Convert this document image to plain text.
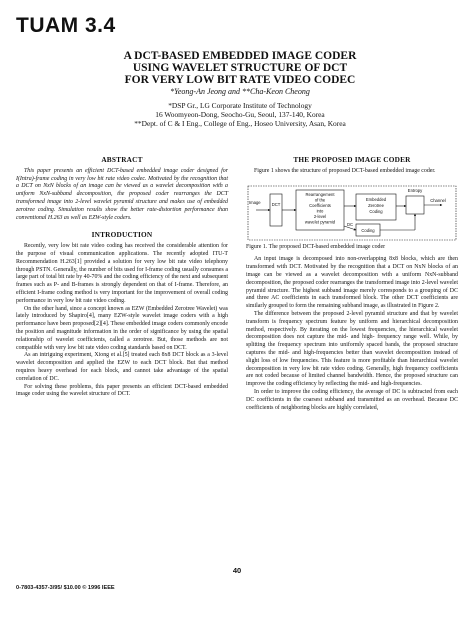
TUAM 3.4
A DCT-BASED EMBEDDED IMAGE CODER
USING WAVELET STRUCTURE OF DCT
FOR VERY LOW BIT RATE VIDEO CODEC
*Yeong-An Jeong and **Cha-Keon Cheong
*DSP Gr., LG Corporate Institute of Technology
16 Woomyeon-Dong, Seocho-Gu, Seoul, 137-140, Korea
**Dept. of C & I Eng., College of Eng., Hoseo University, Asan, Korea
ABSTRACT

This paper presents an efficient DCT-based embedded image coder designed for I(Intra)-frame coding in very low bit rate video codec. Motivated by the recognition that a DCT on NxN blocks of an image can be viewed as a wavelet decomposition with a uniform NxN-subband decomposition, the proposed coder rearranges the DCT transformed image into 2-level wavelet pyramid structure and makes use of embedded zerotree coding. Simulation results show the better rate-distortion performance than conventional H.263 as well as EZW-style coders.

INTRODUCTION

Recently, very low bit rate video coding has received the considerable attention for the purpose of visual communication applications. The recently adopted ITU-T Recommendation H.263[1] provided a solution for very low bit rate video telephony through PSTN. Generally, the number of bits used for I-frame coding usually consumes a large part of total bit rate by 40-70% and the coding efficiency of the next and subsequent frames such as P- and B-frames is strongly dependent on that of I-frame. Therefore, an efficient I-frame coding method is very important for the improvement of overall coding performance in very low bit rate video coding.

On the other hand, since a concept known as EZW (Embedded Zerotree Wavelet) was lately introduced by Shapiro[4], many EZW-style wavelet image coders with a high performance have been proposed[2][4]. These embedded image coders commonly encode the position and magnitude information in the order of significance by using the spatial relationship of wavelet coefficients, called a zerotree. But, those methods are not compatible with very low bit rate video coding standards based on DCT.

As an intriguing experiment, Xiong et al.[5] treated each 8x8 DCT block as a 3-level wavelet decomposition and applied the EZW to each DCT block. But that method requires heavy overhead for each block, and cannot take advantage of the spatial correlation of DC.

For solving these problems, this paper presents an efficient DCT-based embedded image coder using the wavelet structure of DCT.

THE PROPOSED IMAGE CODER

Figure 1 shows the structure of proposed DCT-based embedded image coder.

Image	DCT
Rearrangement
of the
Coefficients
into
2-level
wavelet pyramid
Embedded
Zerotree
Coding
DC
Coding
Entropy
Channel
Figure 1. The proposed DCT-based embedded image coder

An input image is decomposed into non-overlapping 8x8 blocks, which are then transformed with DCT. Motivated by the recognition that a DCT on NxN blocks of an image can be viewed as a wavelet decomposition with a uniform NxN-subband decomposition, the proposed coder rearranges the transformed image into 2-level wavelet pyramid structure. The highest subband image merely corresponds to a grouping of DC and three AC coefficients in each transformed block. The other DCT coefficients are similarly grouped to form the remaining subband image, as illustrated in Figure 2.

The difference between the proposed 2-level pyramid structure and that by wavelet transform is frequency spectrum feature by uniform and hierarchical decomposition method, respectively. By iterating on the lowest frequencies, the hierarchical wavelet decomposition does not capture the mid- and high- frequency range well. While, by splitting the frequency spectrum into uniformly spaced bands, the proposed structure captures the mid- and high-frequencies better than wavelet decomposition instead of slight loss of low frequencies. This feature is more profitable than hierarchical wavelet decomposition in very low bit rate video coding. Generally, high frequency coefficients are not coded because of limited channel bandwidth. Hence, the proposed structure can improve the coding efficiency by reflecting the mid- and high-frequencies.

In order to improve the coding efficiency, the average of DC is subtracted from each DC coefficients in the coarsest subband and transmitted as an overhead. Because DC coefficients of neighboring blocks are highly correlated,

40
0-7803-4357-3/95/ $10.00 © 1996 IEEE
